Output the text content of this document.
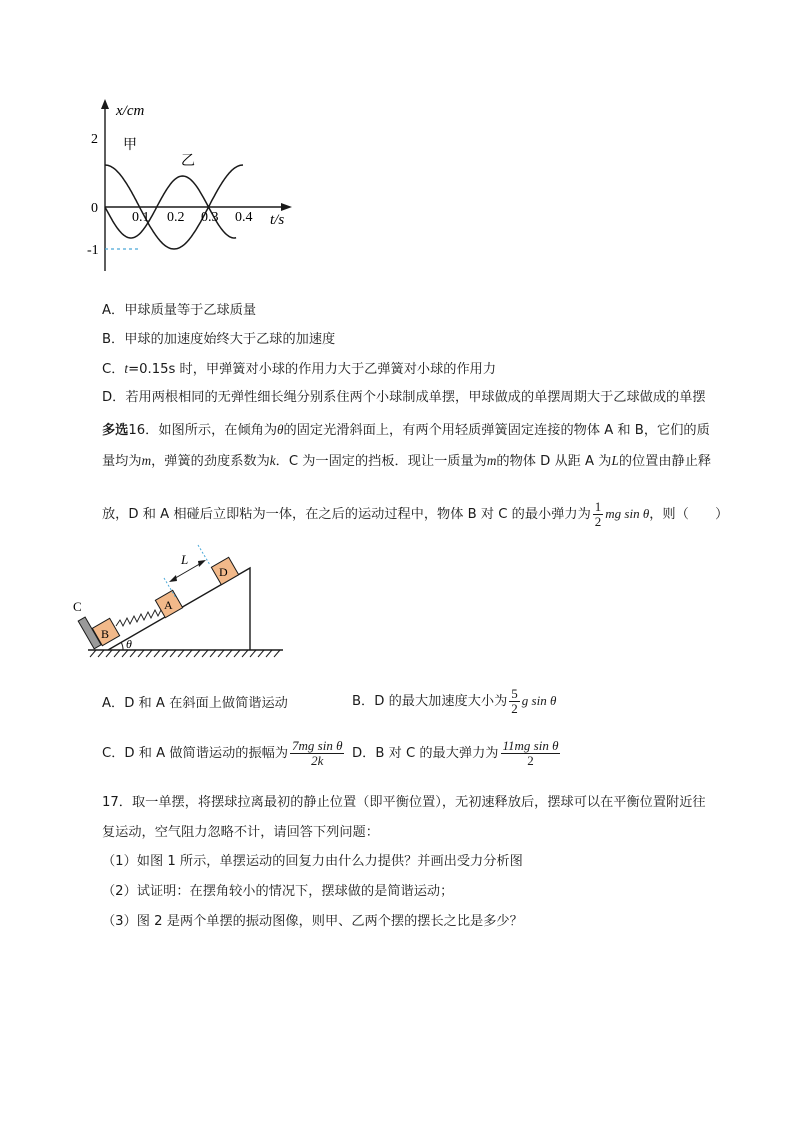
x/cm
t/s
甲
乙
2
0
-1
0.1 0.2 0.3 0.4
A．甲球质量等于乙球质量
B．甲球的加速度始终大于乙球的加速度
C．t=0.15s 时，甲弹簧对小球的作用力大于乙弹簧对小球的作用力
D．若用两根相同的无弹性细长绳分别系住两个小球制成单摆，甲球做成的单摆周期大于乙球做成的单摆
多选16．如图所示，在倾角为θ的固定光滑斜面上，有两个用轻质弹簧固定连接的物体 A 和 B，它们的质
量均为m，弹簧的劲度系数为k．C 为一固定的挡板．现让一质量为m的物体 D 从距 A 为L的位置由静止释
放，D 和 A 相碰后立即粘为一体，在之后的运动过程中，物体 B 对 C 的最小弹力为 $\frac{1}{2}$ mg sin θ，则（　　）
θ
C
B
A
D
L
A．D 和 A 在斜面上做简谐运动	B．D 的最大加速度大小为 $\frac{5}{2}$ g sin θ
C．D 和 A 做简谐运动的振幅为 $\frac{\text{7mg sin θ}}{2k}$ D．B 对 C 的最大弹力为 $\frac{\text{11mg sin θ}}{2}$
17．取一单摆，将摆球拉离最初的静止位置（即平衡位置），无初速释放后，摆球可以在平衡位置附近往
复运动，空气阻力忽略不计，请回答下列问题：
（1）如图 1 所示，单摆运动的回复力由什么力提供？并画出受力分析图
（2）试证明：在摆角较小的情况下，摆球做的是简谐运动；
（3）图 2 是两个单摆的振动图像，则甲、乙两个摆的摆长之比是多少？
